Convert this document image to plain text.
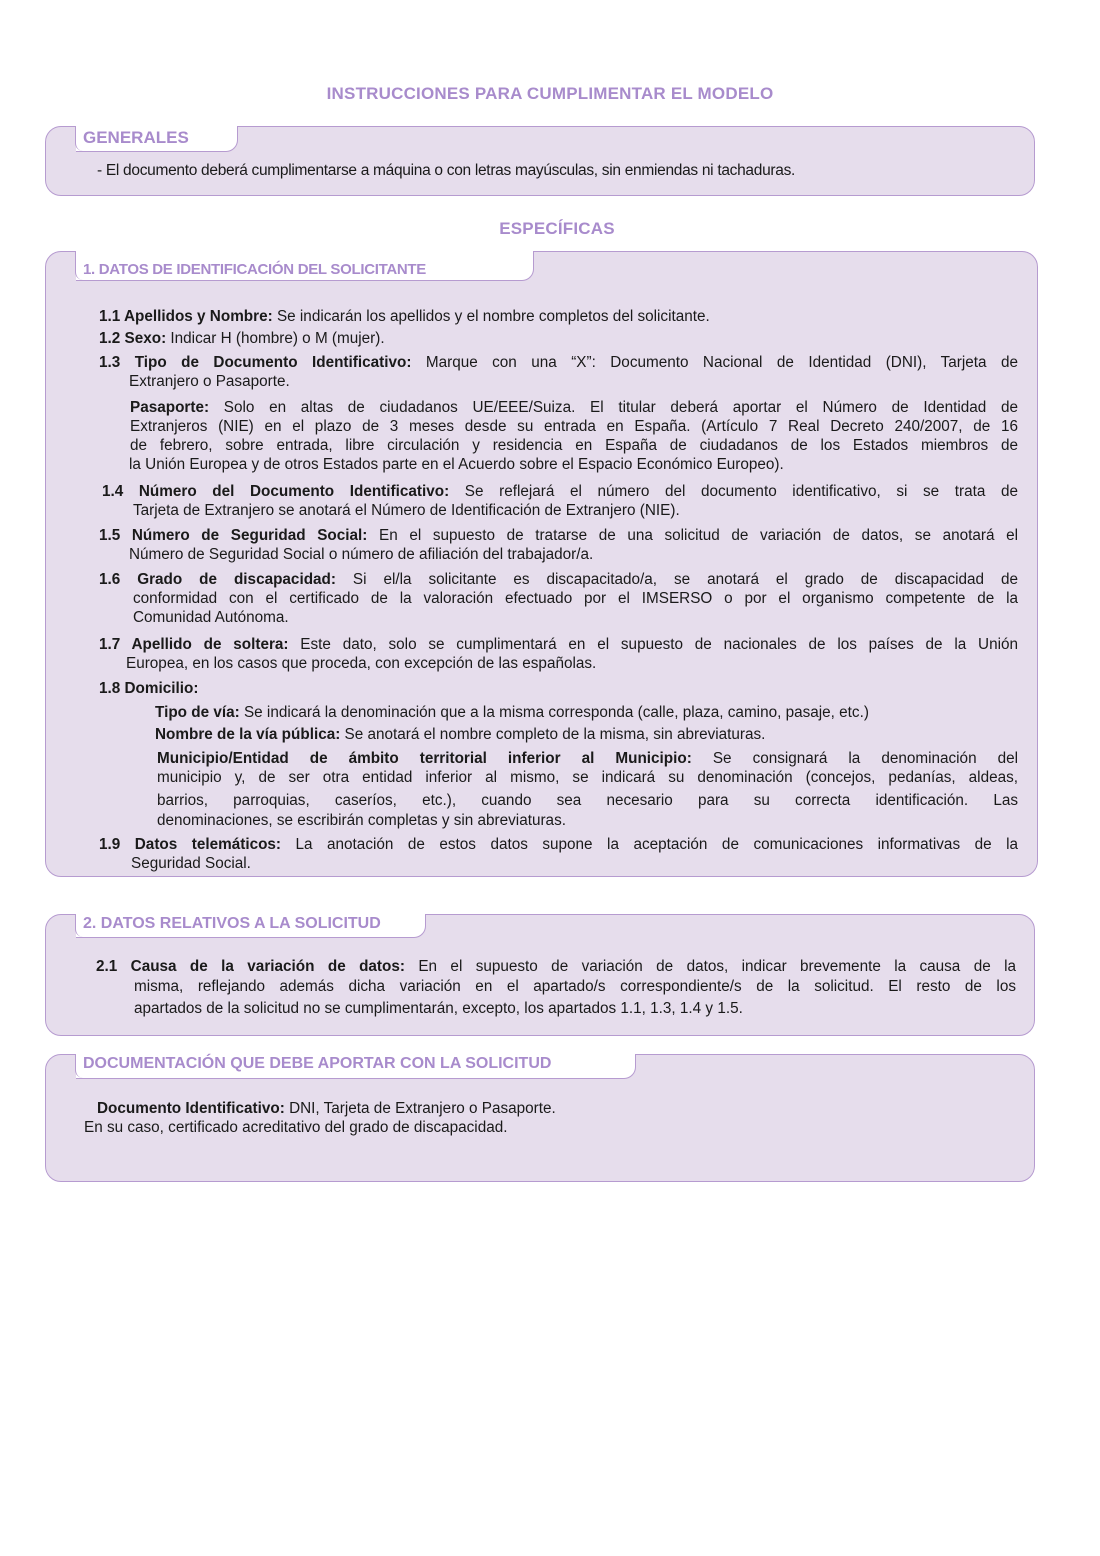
INSTRUCCIONES PARA CUMPLIMENTAR EL MODELO
GENERALES
- El documento deberá cumplimentarse a máquina o con letras mayúsculas, sin enmiendas ni tachaduras.
ESPECÍFICAS
1. DATOS DE IDENTIFICACIÓN DEL SOLICITANTE
1.1 Apellidos y Nombre: Se indicarán los apellidos y el nombre completos del solicitante.
1.2 Sexo: Indicar H (hombre) o M (mujer).
1.3 Tipo de Documento Identificativo: Marque con una “X”: Documento Nacional de Identidad (DNI), Tarjeta de
Extranjero o Pasaporte.
Pasaporte: Solo en altas de ciudadanos UE/EEE/Suiza. El titular deberá aportar el Número de Identidad de
Extranjeros (NIE) en el plazo de 3 meses desde su entrada en España. (Artículo 7 Real Decreto 240/2007, de 16
de febrero, sobre entrada, libre circulación y residencia en España de ciudadanos de los Estados miembros de
la Unión Europea y de otros Estados parte en el Acuerdo sobre el Espacio Económico Europeo).
1.4 Número del Documento Identificativo: Se reflejará el número del documento identificativo, si se trata de
Tarjeta de Extranjero se anotará el Número de Identificación de Extranjero (NIE).
1.5 Número de Seguridad Social: En el supuesto de tratarse de una solicitud de variación de datos, se anotará el
Número de Seguridad Social o número de afiliación del trabajador/a.
1.6 Grado de discapacidad: Si el/la solicitante es discapacitado/a, se anotará el grado de discapacidad de
conformidad con el certificado de la valoración efectuado por el IMSERSO o por el organismo competente de la
Comunidad Autónoma.
1.7 Apellido de soltera: Este dato, solo se cumplimentará en el supuesto de nacionales de los países de la Unión
Europea, en los casos que proceda, con excepción de las españolas.
1.8 Domicilio:
Tipo de vía: Se indicará la denominación que a la misma corresponda (calle, plaza, camino, pasaje, etc.)
Nombre de la vía pública: Se anotará el nombre completo de la misma, sin abreviaturas.
Municipio/Entidad de ámbito territorial inferior al Municipio: Se consignará la denominación del
municipio y, de ser otra entidad inferior al mismo, se indicará su denominación (concejos, pedanías, aldeas,
barrios, parroquias, caseríos, etc.), cuando sea necesario para su correcta identificación. Las
denominaciones, se escribirán completas y sin abreviaturas.
1.9 Datos telemáticos: La anotación de estos datos supone la aceptación de comunicaciones informativas de la
Seguridad Social.
2. DATOS RELATIVOS A LA SOLICITUD
2.1 Causa de la variación de datos: En el supuesto de variación de datos, indicar brevemente la causa de la
misma, reflejando además dicha variación en el apartado/s correspondiente/s de la solicitud. El resto de los
apartados de la solicitud no se cumplimentarán, excepto, los apartados 1.1, 1.3, 1.4 y 1.5.
DOCUMENTACIÓN QUE DEBE APORTAR CON LA SOLICITUD
Documento Identificativo: DNI, Tarjeta de Extranjero o Pasaporte.
En su caso, certificado acreditativo del grado de discapacidad.
